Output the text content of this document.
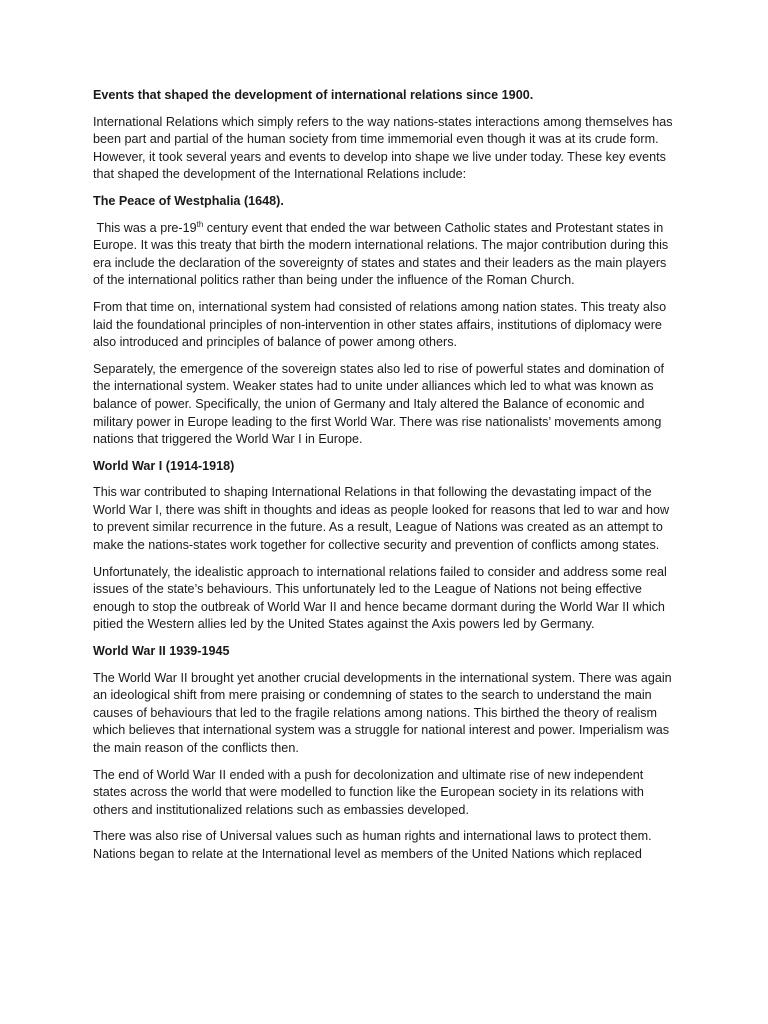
Events that shaped the development of international relations since 1900.

International Relations which simply refers to the way nations-states interactions among themselves has been part and partial of the human society from time immemorial even though it was at its crude form. However, it took several years and events to develop into shape we live under today. These key events that shaped the development of the International Relations include:

The Peace of Westphalia (1648).

This was a pre-19th century event that ended the war between Catholic states and Protestant states in Europe. It was this treaty that birth the modern international relations. The major contribution during this era include the declaration of the sovereignty of states and states and their leaders as the main players of the international politics rather than being under the influence of the Roman Church.

From that time on, international system had consisted of relations among nation states. This treaty also laid the foundational principles of non-intervention in other states affairs, institutions of diplomacy were also introduced and principles of balance of power among others.

Separately, the emergence of the sovereign states also led to rise of powerful states and domination of the international system. Weaker states had to unite under alliances which led to what was known as balance of power. Specifically, the union of Germany and Italy altered the Balance of economic and military power in Europe leading to the first World War. There was rise nationalists’ movements among nations that triggered the World War I in Europe.

World War I (1914-1918)

This war contributed to shaping International Relations in that following the devastating impact of the World War I, there was shift in thoughts and ideas as people looked for reasons that led to war and how to prevent similar recurrence in the future. As a result, League of Nations was created as an attempt to make the nations-states work together for collective security and prevention of conflicts among states.

Unfortunately, the idealistic approach to international relations failed to consider and address some real issues of the state’s behaviours. This unfortunately led to the League of Nations not being effective enough to stop the outbreak of World War II and hence became dormant during the World War II which pitied the Western allies led by the United States against the Axis powers led by Germany.

World War II 1939-1945

The World War II brought yet another crucial developments in the international system. There was again an ideological shift from mere praising or condemning of states to the search to understand the main causes of behaviours that led to the fragile relations among nations. This birthed the theory of realism which believes that international system was a struggle for national interest and power. Imperialism was the main reason of the conflicts then.

The end of World War II ended with a push for decolonization and ultimate rise of new independent states across the world that were modelled to function like the European society in its relations with others and institutionalized relations such as embassies developed.

There was also rise of Universal values such as human rights and international laws to protect them. Nations began to relate at the International level as members of the United Nations which replaced
